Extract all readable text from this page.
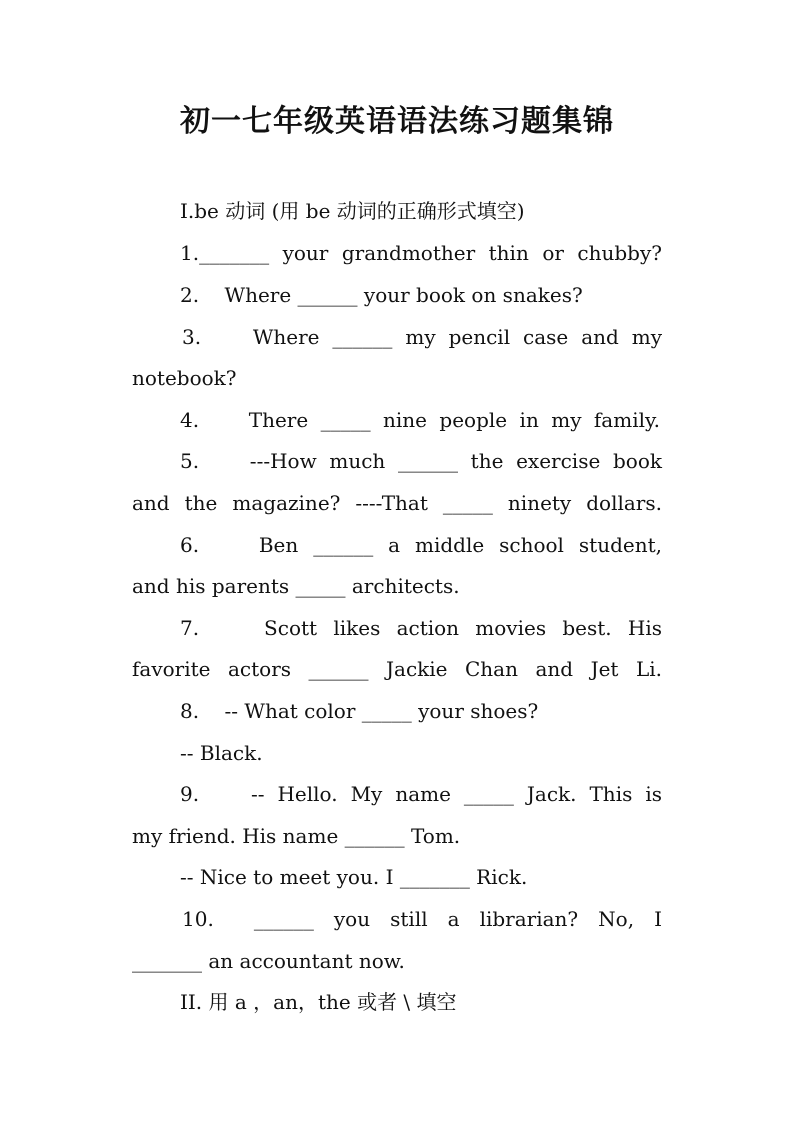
初一七年级英语语法练习题集锦

I.be 动词 (用 be 动词的正确形式填空)

1._______ your grandmother thin or chubby?

2.    Where ______ your book on snakes?

3.    Where ______ my pencil case and my

notebook?

4.    There _____ nine people in my family.

5.    ---How much ______ the exercise book

and the magazine? ----That _____ ninety dollars.

6.    Ben ______ a middle school student,

and his parents _____ architects.

7.    Scott likes action movies best. His

favorite actors ______ Jackie Chan and Jet Li.

8.    -- What color _____ your shoes?

-- Black.

9.    -- Hello. My name _____ Jack. This is

my friend. His name ______ Tom.

-- Nice to meet you. I _______ Rick.

10.  ______ you still a librarian? No, I

_______ an accountant now.

II. 用 a ，an，the 或者 \ 填空
